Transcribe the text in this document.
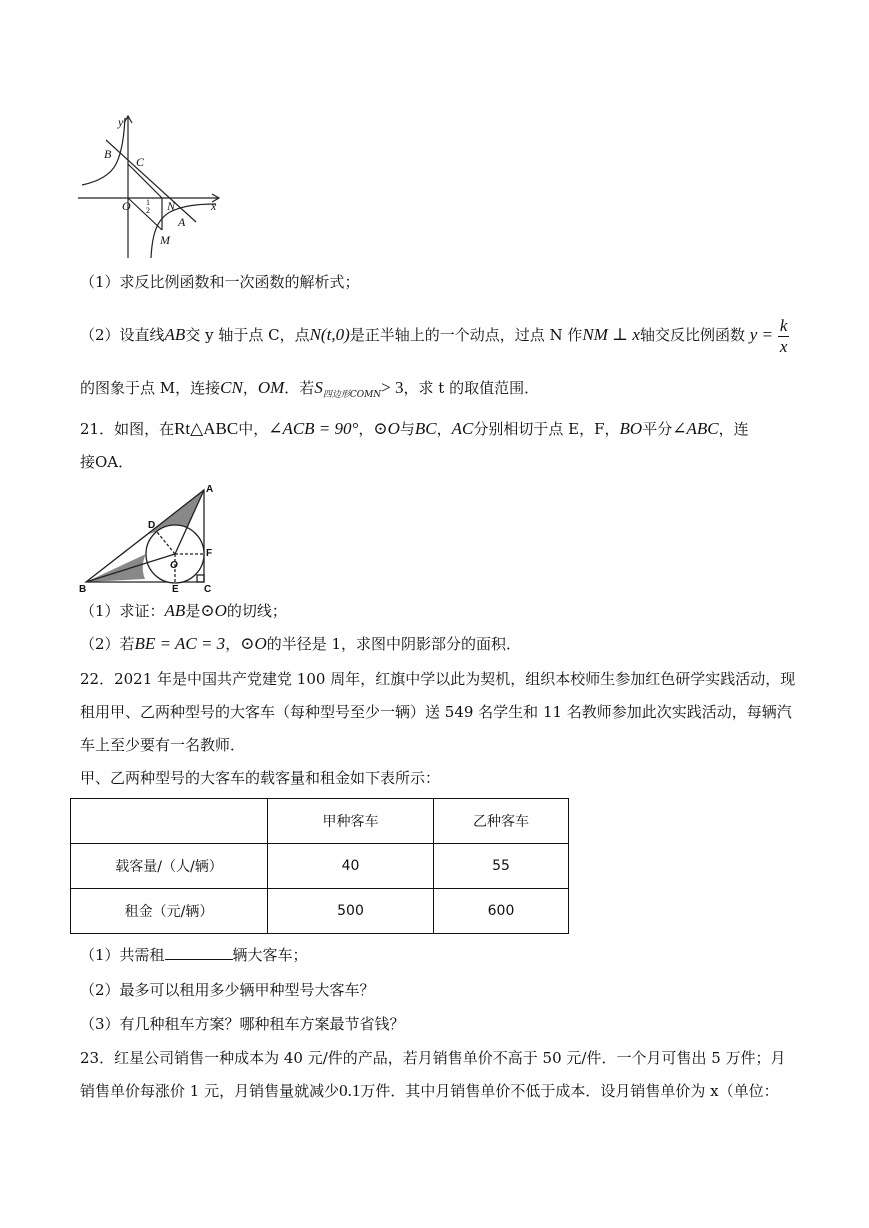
y
x
B
C
O	N
A
M
1
2
（1）求反比例函数和一次函数的解析式；
（2）设直线AB交 y 轴于点 C，点N(t,0)是正半轴上的一个动点，过点 N 作NM ⊥ x轴交反比例函数 $y = \frac{k}{x}$
的图象于点 M，连接CN，OM．若$S_{四边形COMN}> 3$，求 t 的取值范围．
21．如图，在Rt△ABC中，∠ACB = 90°，⊙O与BC，AC分别相切于点 E，F，BO平分∠ABC，连
接OA．
A
D
O
F
B	E	C
（1）求证：AB是⊙O的切线；
（2）若BE = AC = 3，⊙O的半径是 1，求图中阴影部分的面积．
22．2021 年是中国共产党建党 100 周年，红旗中学以此为契机，组织本校师生参加红色研学实践活动，现
租用甲、乙两种型号的大客车（每种型号至少一辆）送 549 名学生和 11 名教师参加此次实践活动，每辆汽
车上至少要有一名教师．
甲、乙两种型号的大客车的载客量和租金如下表所示：
	甲种客车	乙种客车
载客量/（人/辆）	40	55
租金（元/辆）	500	600
（1）共需租	辆大客车；
（2）最多可以租用多少辆甲种型号大客车？
（3）有几种租车方案？哪种租车方案最节省钱？
23．红星公司销售一种成本为 40 元/件的产品，若月销售单价不高于 50 元/件．一个月可售出 5 万件；月
销售单价每涨价 1 元，月销售量就减少0.1万件．其中月销售单价不低于成本．设月销售单价为 x（单位：
